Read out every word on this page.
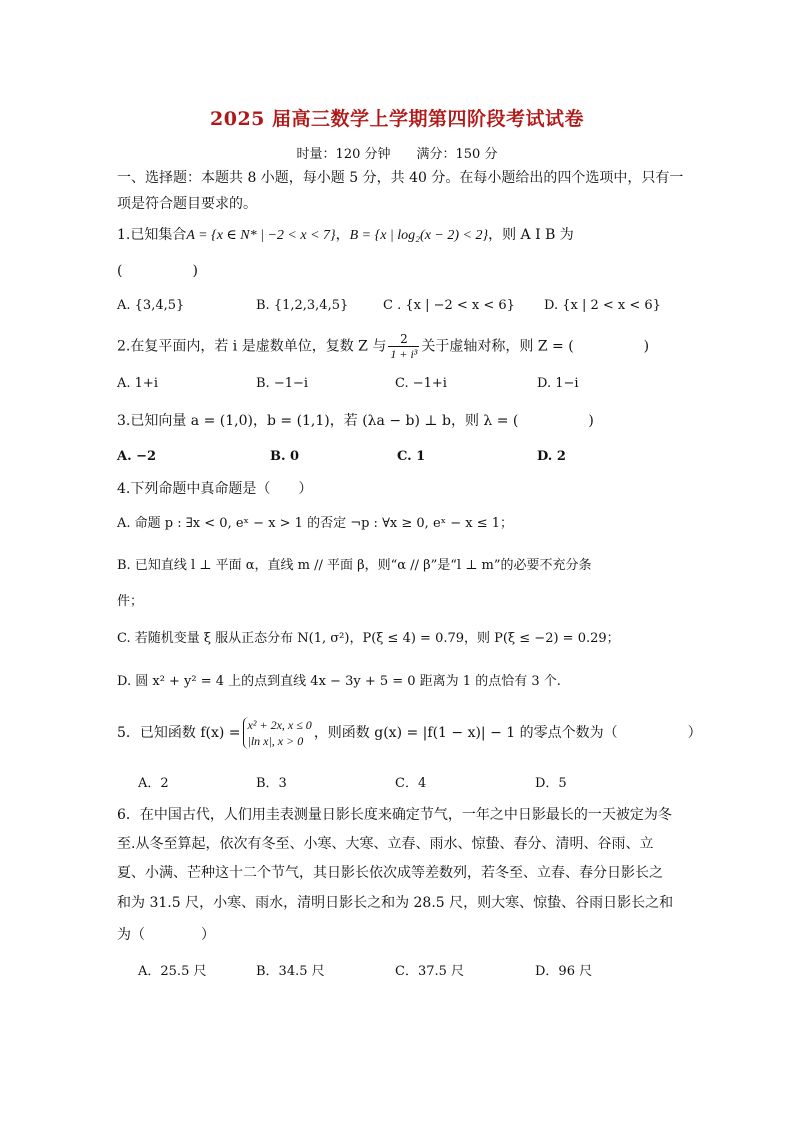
2025 届高三数学上学期第四阶段考试试卷
时量：120 分钟　　满分：150 分
一、选择题：本题共 8 小题，每小题 5 分，共 40 分。在每小题给出的四个选项中，只有一
项是符合题目要求的。
1.已知集合A = {x ∈ N* | −2 < x < 7}，B = {x | log₂(x − 2) < 2}，则 A I B 为
(　　　　　)
A. {3,4,5}	B. {1,2,3,4,5}	C . {x | −2 < x < 6} D. {x | 2 < x < 6}
2.在复平面内，若 i 是虚数单位，复数 Z 与 $\frac{2}{\text{1 + i³}}$ 关于虚轴对称，则 Z = (　　　　　)
A. 1+i	B. −1−i	C. −1+i	D. 1−i
3.已知向量 a = (1,0)，b = (1,1)，若 (λa − b) ⊥ b，则 λ = (　　　　　)
A. −2	B. 0	C. 1	D. 2
4.下列命题中真命题是（　　）
A. 命题 p : ∃x < 0, eˣ − x > 1 的否定 ¬p : ∀x ≥ 0, eˣ − x ≤ 1；
B. 已知直线 l ⊥ 平面 α，直线 m // 平面 β，则“α // β”是“l ⊥ m”的必要不充分条
件；
C. 若随机变量 ξ 服从正态分布 N(1, σ²)，P(ξ ≤ 4) = 0.79，则 P(ξ ≤ −2) = 0.29；
D. 圆 x² + y² = 4 上的点到直线 4x − 3y + 5 = 0 距离为 1 的点恰有 3 个.
5．已知函数 f(x) = x² + 2x, x ≤ 0
|ln x|, x > 0 ，则函数 g(x) = |f(1 − x)| − 1 的零点个数为（　　　　　）
A．2	B．3	C．4	D．5
6．在中国古代，人们用圭表测量日影长度来确定节气，一年之中日影最长的一天被定为冬
至.从冬至算起，依次有冬至、小寒、大寒、立春、雨水、惊蛰、春分、清明、谷雨、立
夏、小满、芒种这十二个节气，其日影长依次成等差数列，若冬至、立春、春分日影长之
和为 31.5 尺，小寒、雨水，清明日影长之和为 28.5 尺，则大寒、惊蛰、谷雨日影长之和
为（　　　　）
A．25.5 尺	B．34.5 尺	C．37.5 尺	D．96 尺
